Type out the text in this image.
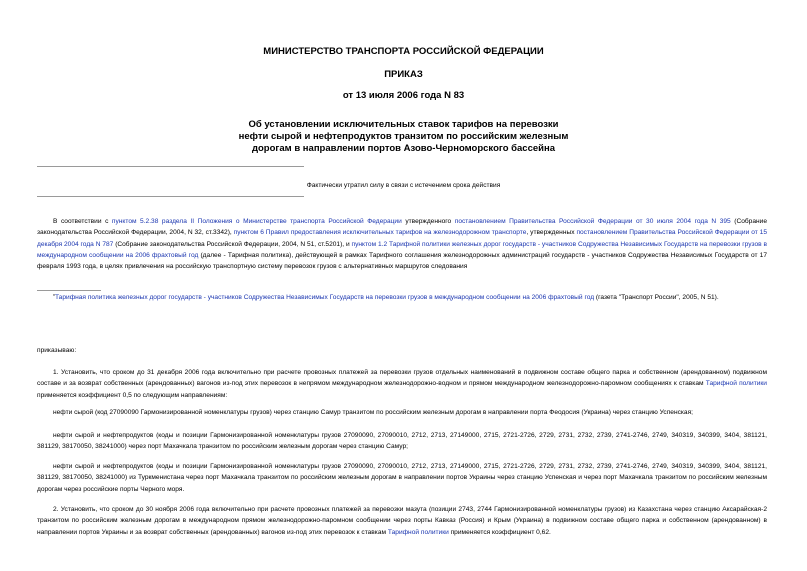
МИНИСТЕРСТВО ТРАНСПОРТА РОССИЙСКОЙ ФЕДЕРАЦИИ
ПРИКАЗ
от 13 июля 2006 года N 83
Об установлении исключительных ставок тарифов на перевозки
нефти сырой и нефтепродуктов транзитом по российским железным
дорогам в направлении портов Азово-Черноморского бассейна
Фактически утратил силу в связи с истечением срока действия
В соответствии с пунктом 5.2.38 раздела II Положения о Министерстве транспорта Российской Федерации утвержденного постановлением Правительства Российской Федерации от 30 июля 2004 года N 395 (Собрание законодательства Российской Федерации, 2004, N 32, ст.3342), пунктом 6 Правил предоставления исключительных тарифов на железнодорожном транспорте, утвержденных постановлением Правительства Российской Федерации от 15 декабря 2004 года N 787 (Собрание законодательства Российской Федерации, 2004, N 51, ст.5201), и пунктом 1.2 Тарифной политики железных дорог государств - участников Содружества Независимых Государств на перевозки грузов в международном сообщении на 2006 фрахтовый год (далее - Тарифная политика), действующей в рамках Тарифного соглашения железнодорожных администраций государств - участников Содружества Независимых Государств от 17 февраля 1993 года, в целях привлечения на российскую транспортную систему перевозок грузов с альтернативных маршрутов следования
*Тарифная политика железных дорог государств - участников Содружества Независимых Государств на перевозки грузов в международном сообщении на 2006 фрахтовый год (газета "Транспорт России", 2005, N 51).
приказываю:
1. Установить, что сроком до 31 декабря 2006 года включительно при расчете провозных платежей за перевозки грузов отдельных наименований в подвижном составе общего парка и собственном (арендованном) подвижном составе и за возврат собственных (арендованных) вагонов из-под этих перевозок в непрямом международном железнодорожно-водном и прямом международном железнодорожно-паромном сообщениях к ставкам Тарифной политики применяется коэффициент 0,5 по следующим направлениям:
нефти сырой (код 27090090 Гармонизированной номенклатуры грузов) через станцию Самур транзитом по российским железным дорогам в направлении порта Феодосия (Украина) через станцию Успенская;
нефти сырой и нефтепродуктов (коды и позиции Гармонизированной номенклатуры грузов 27090090, 27090010, 2712, 2713, 27149000, 2715, 2721-2726, 2729, 2731, 2732, 2739, 2741-2746, 2749, 340319, 340399, 3404, 381121, 381129, 38170050, 38241000) через порт Махачкала транзитом по российским железным дорогам через станцию Самур;
нефти сырой и нефтепродуктов (коды и позиции Гармонизированной номенклатуры грузов 27090090, 27090010, 2712, 2713, 27149000, 2715, 2721-2726, 2729, 2731, 2732, 2739, 2741-2746, 2749, 340319, 340399, 3404, 381121, 381129, 38170050, 38241000) из Туркменистана через порт Махачкала транзитом по российским железным дорогам в направлении портов Украины через станцию Успенская и через порт Махачкала транзитом по российским железным дорогам через российские порты Черного моря.
2. Установить, что сроком до 30 ноября 2006 года включительно при расчете провозных платежей за перевозки мазута (позиции 2743, 2744 Гармонизированной номенклатуры грузов) из Казахстана через станцию Аксарайская-2 транзитом по российским железным дорогам в международном прямом железнодорожно-паромном сообщении через порты Кавказ (Россия) и Крым (Украина) в подвижном составе общего парка и собственном (арендованном) в направлении портов Украины и за возврат собственных (арендованных) вагонов из-под этих перевозок к ставкам Тарифной политики применяется коэффициент 0,62.
